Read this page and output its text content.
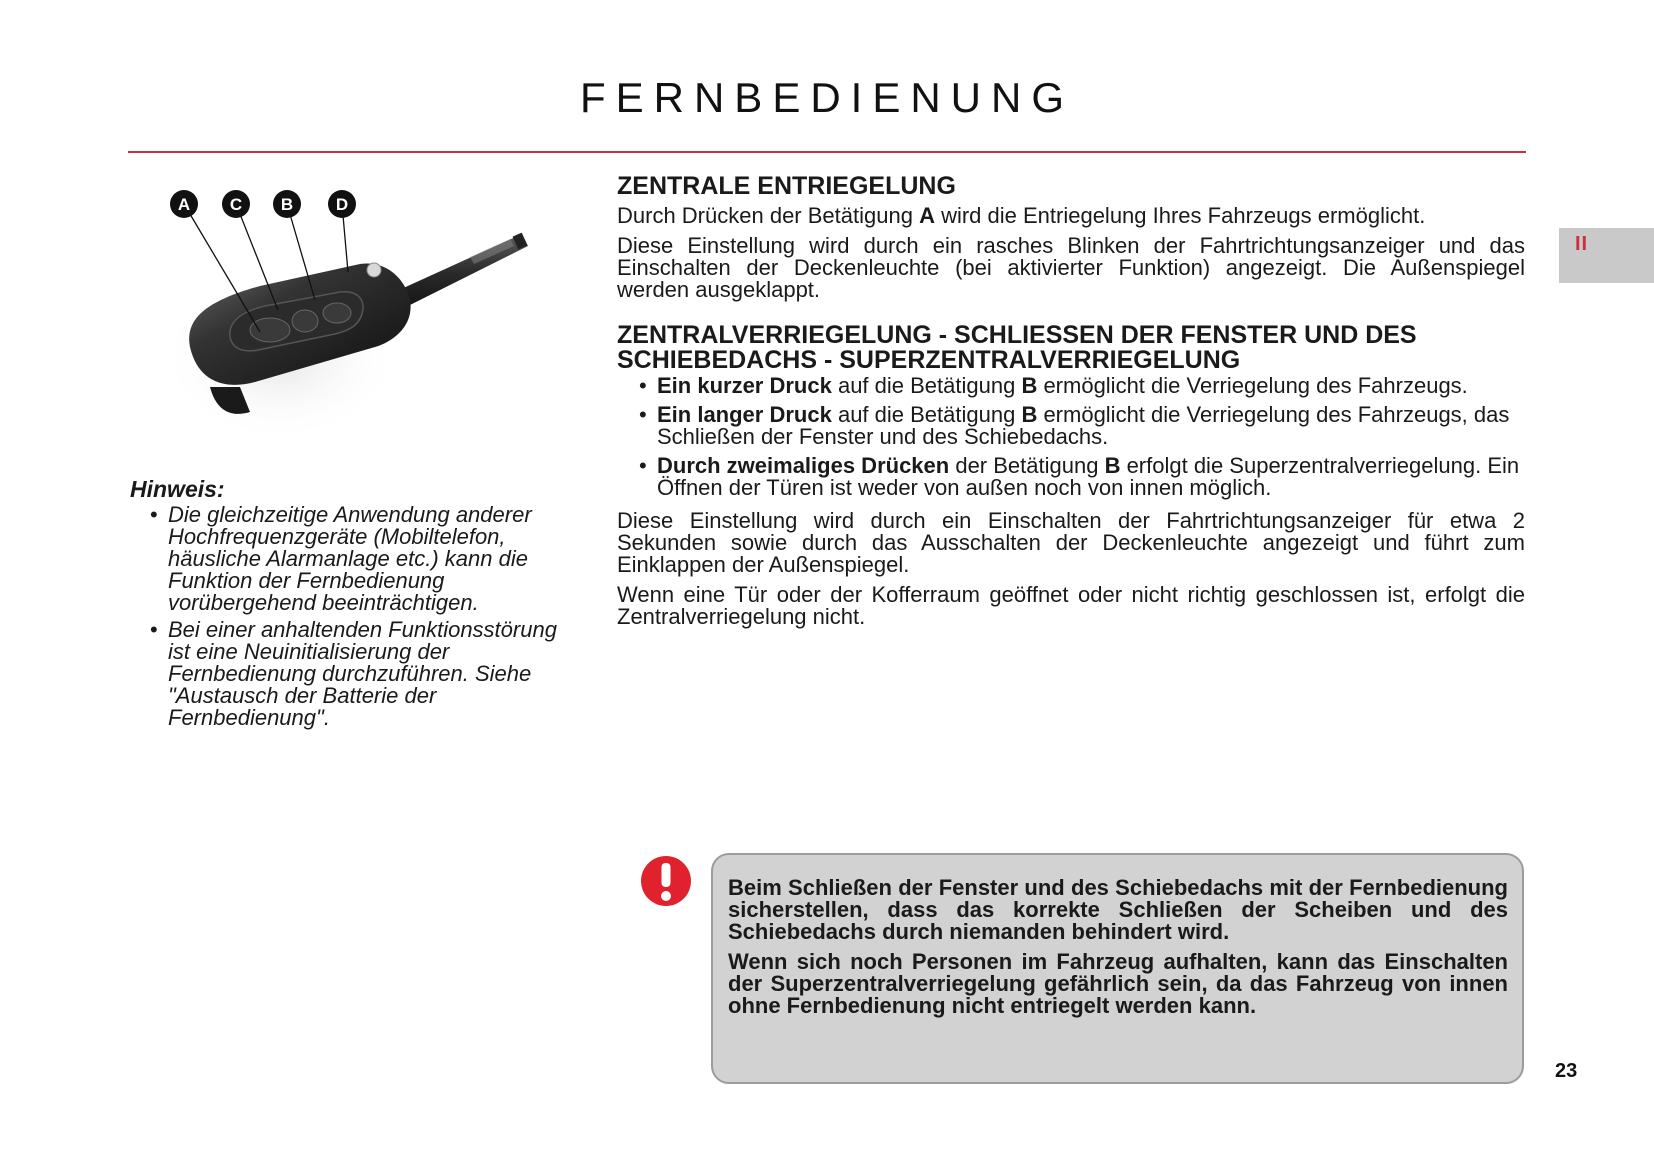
FERNBEDIENUNG
II
A C B	D
Hinweis:
• Die gleichzeitige Anwendung anderer Hochfrequenzgeräte (Mobiltelefon, häusliche Alarmanlage etc.) kann die Funktion der Fernbedienung vorübergehend beeinträchtigen.
• Bei einer anhaltenden Funktionsstörung ist eine Neuinitialisierung der Fernbedienung durchzuführen. Siehe "Austausch der Batterie der Fernbedienung".
ZENTRALE ENTRIEGELUNG

Durch Drücken der Betätigung A wird die Entriegelung Ihres Fahrzeugs ermöglicht.

Diese Einstellung wird durch ein rasches Blinken der Fahrtrichtungsanzeiger und das Einschalten der Deckenleuchte (bei aktivierter Funktion) angezeigt. Die Außenspiegel werden ausgeklappt.

ZENTRALVERRIEGELUNG - SCHLIESSEN DER FENSTER UND DES SCHIEBEDACHS - SUPERZENTRALVERRIEGELUNG
• Ein kurzer Druck auf die Betätigung B ermöglicht die Verriegelung des Fahrzeugs.
• Ein langer Druck auf die Betätigung B ermöglicht die Verriegelung des Fahrzeugs, das Schließen der Fenster und des Schiebedachs.
• Durch zweimaliges Drücken der Betätigung B erfolgt die Superzentralverriegelung. Ein Öffnen der Türen ist weder von außen noch von innen möglich.

Diese Einstellung wird durch ein Einschalten der Fahrtrichtungsanzeiger für etwa 2 Sekunden sowie durch das Ausschalten der Deckenleuchte angezeigt und führt zum Einklappen der Außenspiegel.

Wenn eine Tür oder der Kofferraum geöffnet oder nicht richtig geschlossen ist, erfolgt die Zentralverriegelung nicht.

Beim Schließen der Fenster und des Schiebedachs mit der Fernbedienung sicherstellen, dass das korrekte Schließen der Scheiben und des Schiebedachs durch niemanden behindert wird.

Wenn sich noch Personen im Fahrzeug aufhalten, kann das Einschalten der Superzentralverriegelung gefährlich sein, da das Fahrzeug von innen ohne Fernbedienung nicht entriegelt werden kann.

23
